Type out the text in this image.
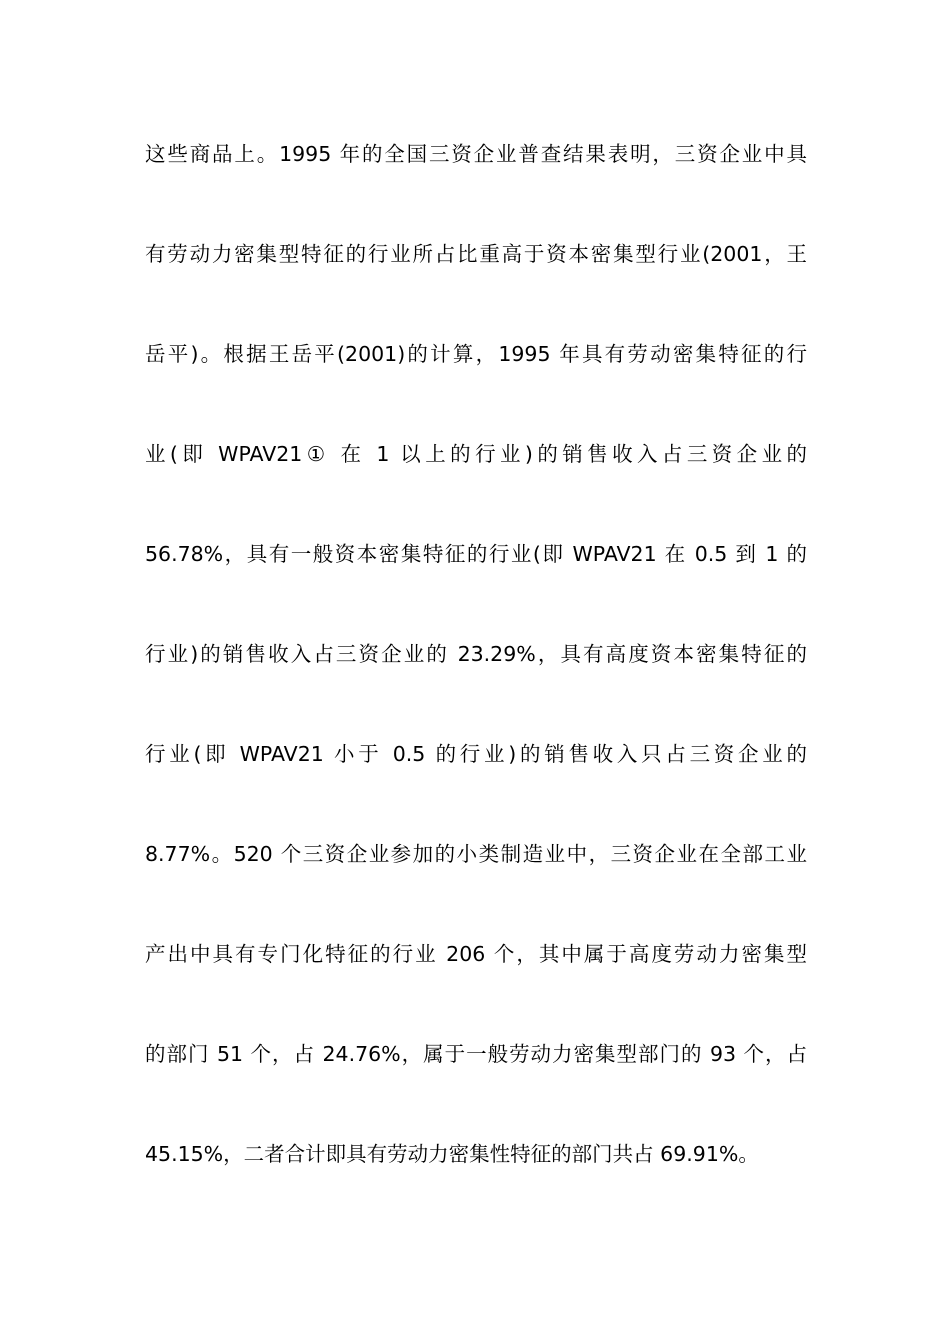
这些商品上。1995 年的全国三资企业普查结果表明，三资企业中具
有劳动力密集型特征的行业所占比重高于资本密集型行业(2001，王
岳平)。根据王岳平(2001)的计算，1995 年具有劳动密集特征的行
业(即 WPAV21① 在 1 以上的行业)的销售收入占三资企业的
56.78%，具有一般资本密集特征的行业(即 WPAV21 在 0.5 到 1 的
行业)的销售收入占三资企业的 23.29%，具有高度资本密集特征的
行业(即 WPAV21 小于 0.5 的行业)的销售收入只占三资企业的
8.77%。520 个三资企业参加的小类制造业中，三资企业在全部工业
产出中具有专门化特征的行业 206 个，其中属于高度劳动力密集型
的部门 51 个，占 24.76%，属于一般劳动力密集型部门的 93 个，占
45.15%，二者合计即具有劳动力密集性特征的部门共占 69.91%。
